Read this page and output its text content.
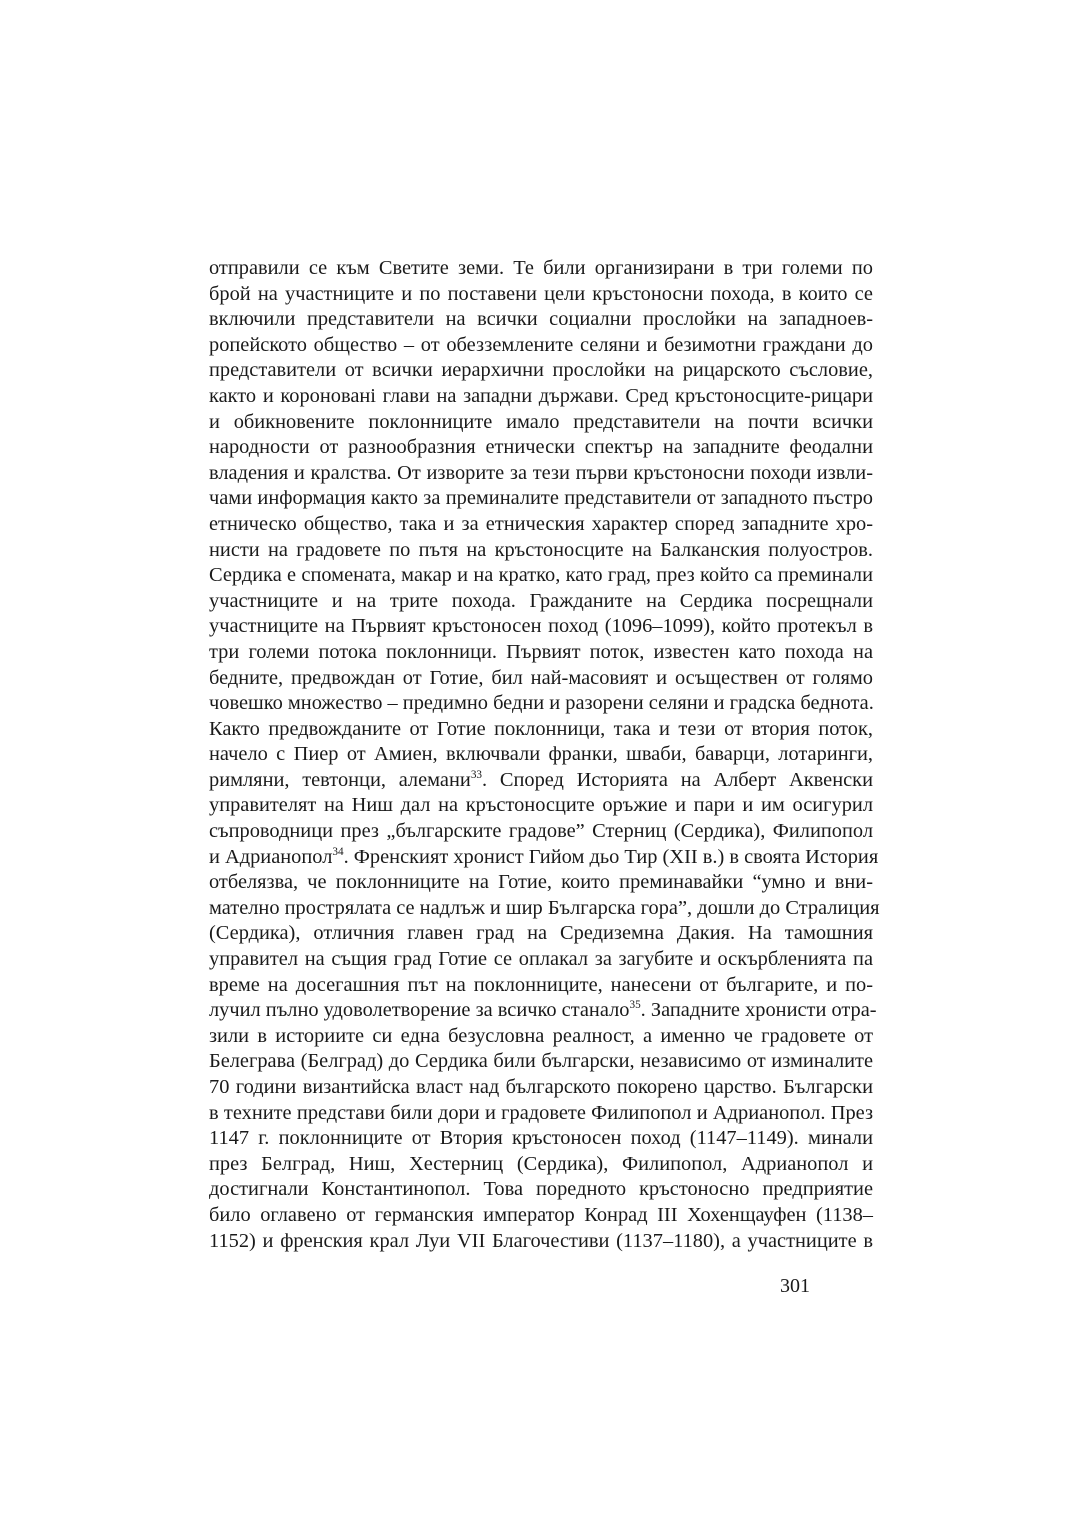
отправили се към Светите земи. Те били организирани в три големи по
брой на участниците и по поставени цели кръстоносни похода, в които се
включили представители на всички социални прослойки на западноев-
ропейското общество – от обезземлените селяни и безимотни граждани до
представители от всички иерархични прослойки на рицарското съсловие,
както и коронованi глави на западни държави. Сред кръстоносците-рицари
и обикновените поклонниците имало представители на почти всички
народности от разнообразния етнически спектър на западните феодални
владения и кралства. От изворите за тези първи кръстоносни походи извли-
чами информация както за преминалите представители от западното пъстро
етническо общество, така и за етническия характер според западните хро-
нисти на градовете по пътя на кръстоносците на Балканския полуостров.
Сердика е спомената, макар и на кратко, като град, през който са преминали
участниците и на трите похода. Гражданите на Сердика посрещнали
участниците на Първият кръстоносен поход (1096–1099), който протекъл в
три големи потока поклонници. Първият поток, известен като похода на
бедните, предвождан от Готие, бил най-масовият и осъществен от голямо
човешко множество – предимно бедни и разорени селяни и градска беднота.
Както предвожданите от Готие поклонници, така и тези от втория поток,
начело с Пиер от Амиен, включвали франки, шваби, баварци, лотаринги,
римляни, тевтонци, алемани$^{33}$. Според Историята на Алберт Аквенски
управителят на Ниш дал на кръстоносците оръжие и пари и им осигурил
съпроводници през „българските градове” Стерниц (Сердика), Филипопол
и Адрианопол$^{34}$. Френският хронист Гийом дьо Тир (XII в.) в своята История
отбелязва, че поклонниците на Готие, които преминавайки “умно и вни-
мателно прострялата се надлъж и шир Българска гора”, дошли до Стралиция
(Сердика), отличния главен град на Средиземна Дакия. На тамошния
управител на същия град Готие се оплакал за загубите и оскърбленията па
време на досегашния път на поклонниците, нанесени от българите, и по-
лучил пълно удоволетворение за всичко станало$^{35}$. Западните хронисти отра-
зили в историите си една безусловна реалност, а именно че градовете от
Белеграва (Белград) до Сердика били български, независимо от изминалите
70 години византийска власт над българското покорено царство. Български
в техните представи били дори и градовете Филипопол и Адрианопол. През
1147 г. поклонниците от Втория кръстоносен поход (1147–1149). минали
през Белград, Ниш, Хестерниц (Сердика), Филипопол, Адрианопол и
достигнали Константинопол. Това поредното кръстоносно предприятие
било оглавено от германския император Конрад III Хохенщауфен (1138–
1152) и френския крал Луи VII Благочестиви (1137–1180), а участниците в
301
